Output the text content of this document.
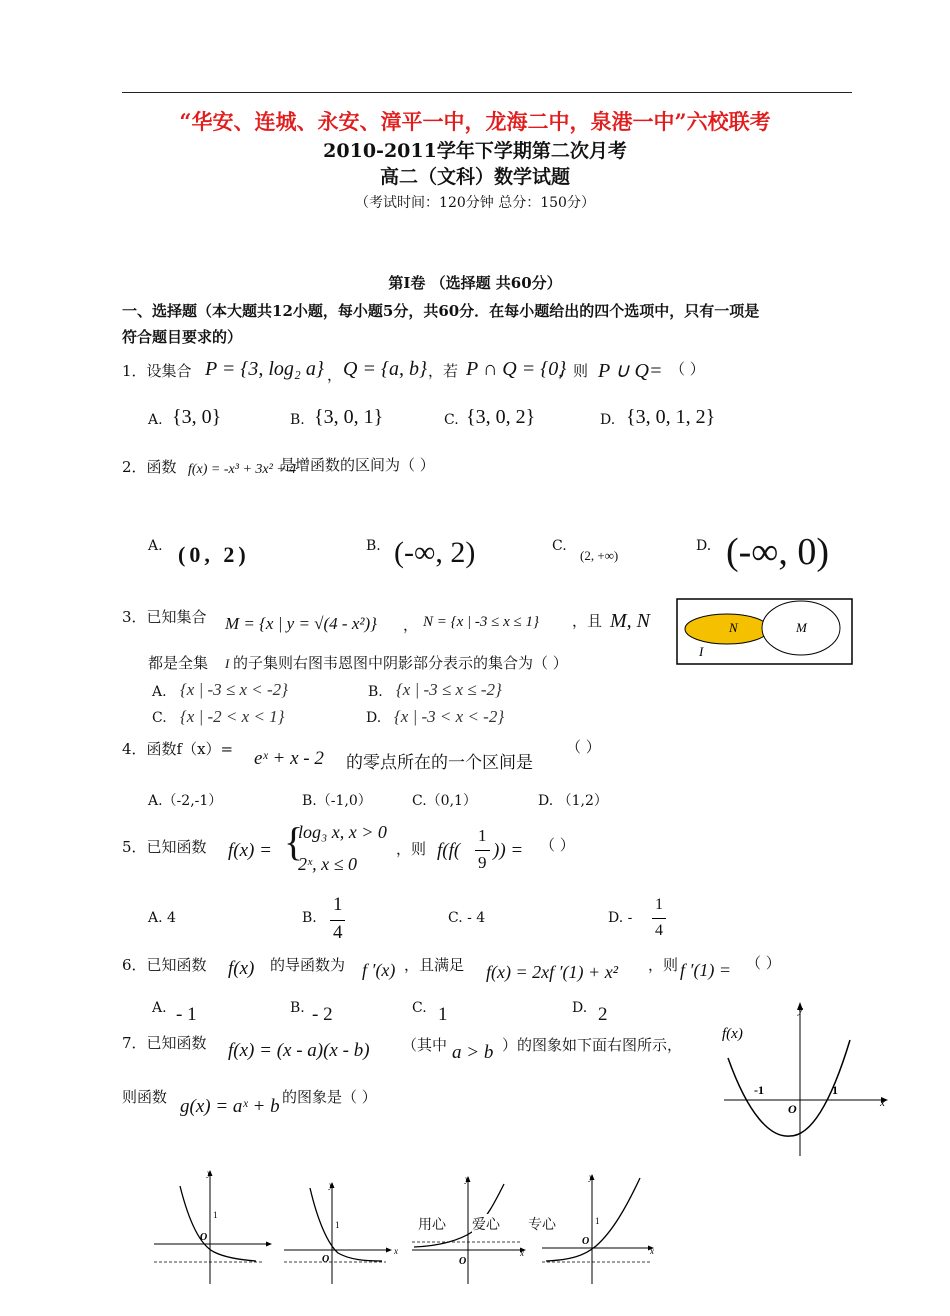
“华安、连城、永安、漳平一中，龙海二中，泉港一中”六校联考
2010-2011学年下学期第二次月考
高二（文科）数学试题
（考试时间：120分钟 总分：150分）
第Ⅰ卷 （选择题 共60分）
一、选择题（本大题共12小题，每小题5分，共60分．在每小题给出的四个选项中，只有一项是
符合题目要求的）
1．设集合 P = {3, log₂ a} ， Q = {a, b} ，若 P ∩ Q = {0}
，则 P ∪ Q= （ ）
A. {3, 0}	B. {3, 0, 1}	C. {3, 0, 2}	D. {3, 0, 1, 2}
2．函数 f(x) = -x³ + 3x² + 4
是增函数的区间为（ ）
A. (0, 2)	B. (-∞, 2)	C.
(2, +∞)
D. (-∞, 0)
3．已知集合 M = {x | y = √(4 - x²)} ， N = {x | -3 ≤ x ≤ 1} ，且 M, N
都是全集 I 的子集则右图韦恩图中阴影部分表示的集合为（ ）
A. {x | -3 ≤ x < -2}	B. {x | -3 ≤ x ≤ -2}
C. {x | -2 < x < 1}	D. {x | -3 < x < -2}
N	M
I
4．函数f（x）= eˣ + x - 2 的零点所在的一个区间是
（ ）
A.（-2,-1）	B.（-1,0）	C.（0,1）	D. （1,2）
5．已知函数 f(x) = {
log₃ x, x > 0
2ˣ, x ≤ 0
，则 f(f(
1
9
)) = （ ）
A. 4	B.
1
4
C. - 4	D. -
1
4
6．已知函数 f(x) 的导函数为 f ′(x) ，且满足 f(x) = 2xf ′(1) + x² ，则 f ′(1) = （ ）
A. - 1	B. - 2	C. 1	D. 2
7．已知函数 f(x) = (x - a)(x - b) （其中 a > b ）的图象如下面右图所示，
则函数 g(x) = aˣ + b 的图象是（ ）
f(x)
y
x
O
-1	1
1
O
y
1
O
y
x
O
y
x
1
O
y
x
用心 爱心 专心
